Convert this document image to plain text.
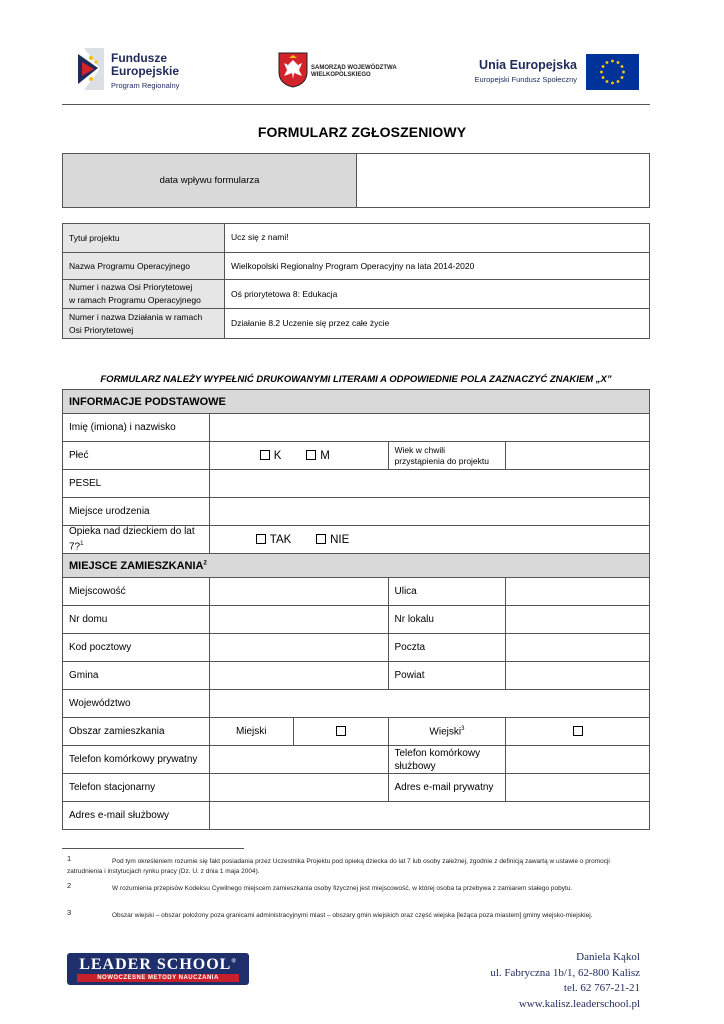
Fundusze
Europejskie
Program Regionalny
SAMORZĄD WOJEWÓDZTWA
WIELKOPOLSKIEGO
Unia Europejska
Europejski Fundusz Społeczny
FORMULARZ ZGŁOSZENIOWY
data wpływu formularza	
Tytuł projektu	Ucz się z nami!
Nazwa Programu Operacyjnego	Wielkopolski Regionalny Program Operacyjny na lata 2014-2020

Numer i nazwa Osi Priorytetowej
w ramach Programu Operacyjnego	Oś priorytetowa 8: Edukacja

Numer i nazwa Działania w ramach
Osi Priorytetowej	Działanie 8.2 Uczenie się przez całe życie
FORMULARZ NALEŻY WYPEŁNIĆ DRUKOWANYMI LITERAMI A ODPOWIEDNIE POLA ZAZNACZYĆ ZNAKIEM „X”
INFORMACJE PODSTAWOWE				
Imię (imiona) i nazwisko				
Płeć	K M		Wiek w chwili
przystąpienia do projektu	

PESEL				
Miejsce urodzenia				

Opieka nad dzieckiem do lat
7?$^1$	TAK NIE			
MIEJSCE ZAMIESZKANIA$^2$
Miejscowość			Ulica	
Nr domu			Nr lokalu	
Kod pocztowy			Poczta	
Gmina			Powiat	
Województwo				
Obszar zamieszkania	Miejski		Wiejski$^3$	
Telefon komórkowy prywatny			Telefon komórkowy
służbowy	

Telefon stacjonarny			Adres e-mail prywatny	
Adres e-mail służbowy				
1	Pod tym określeniem rozumie się fakt posiadania przez Uczestnika Projektu pod opieką dziecka do lat 7 lub osoby zależnej, zgodnie z definicją zawartą w ustawie o promocji zatrudnienia i instytucjach rynku pracy (Dz. U. z dnia 1 maja 2004).
2	W rozumienia przepisów Kodeksu Cywilnego miejscem zamieszkania osoby fizycznej jest miejscowość, w której osoba ta przebywa z zamiarem stałego pobytu.
3	Obszar wiejski – obszar położony poza granicami administracyjnymi miast – obszary gmin wiejskich oraz część wiejska [leżąca poza miastem] gminy wiejsko-miejskiej.
LEADER SCHOOL®
NOWOCZESNE METODY NAUCZANIA
Daniela Kąkol
ul. Fabryczna 1b/1, 62-800 Kalisz
tel. 62 767-21-21
www.kalisz.leaderschool.pl
